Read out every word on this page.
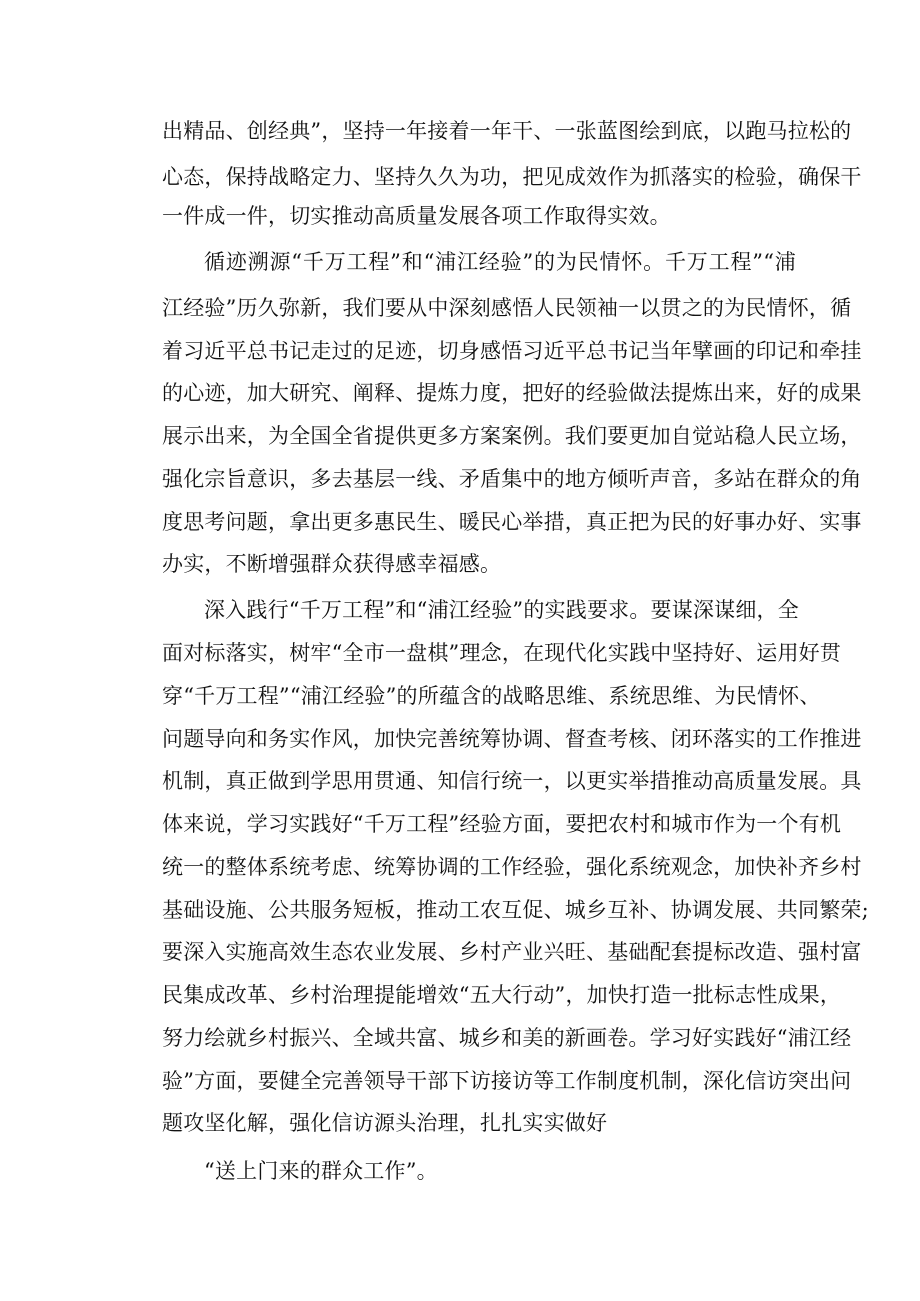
出精品、创经典”，坚持一年接着一年干、一张蓝图绘到底，以跑马拉松的
心态，保持战略定力、坚持久久为功，把见成效作为抓落实的检验，确保干
一件成一件，切实推动高质量发展各项工作取得实效。
循迹溯源“千万工程”和“浦江经验”的为民情怀。千万工程”“浦
江经验”历久弥新，我们要从中深刻感悟人民领袖一以贯之的为民情怀，循
着习近平总书记走过的足迹，切身感悟习近平总书记当年擘画的印记和牵挂
的心迹，加大研究、阐释、提炼力度，把好的经验做法提炼出来，好的成果
展示出来，为全国全省提供更多方案案例。我们要更加自觉站稳人民立场，
强化宗旨意识，多去基层一线、矛盾集中的地方倾听声音，多站在群众的角
度思考问题，拿出更多惠民生、暖民心举措，真正把为民的好事办好、实事
办实，不断增强群众获得感幸福感。
深入践行“千万工程”和“浦江经验”的实践要求。要谋深谋细，全
面对标落实，树牢“全市一盘棋”理念，在现代化实践中坚持好、运用好贯
穿“千万工程”“浦江经验”的所蕴含的战略思维、系统思维、为民情怀、
问题导向和务实作风，加快完善统筹协调、督查考核、闭环落实的工作推进
机制，真正做到学思用贯通、知信行统一，以更实举措推动高质量发展。具
体来说，学习实践好“千万工程”经验方面，要把农村和城市作为一个有机
统一的整体系统考虑、统筹协调的工作经验，强化系统观念，加快补齐乡村
基础设施、公共服务短板，推动工农互促、城乡互补、协调发展、共同繁荣;
要深入实施高效生态农业发展、乡村产业兴旺、基础配套提标改造、强村富
民集成改革、乡村治理提能增效“五大行动”，加快打造一批标志性成果，
努力绘就乡村振兴、全域共富、城乡和美的新画卷。学习好实践好“浦江经
验”方面，要健全完善领导干部下访接访等工作制度机制，深化信访突出问
题攻坚化解，强化信访源头治理，扎扎实实做好
“送上门来的群众工作”。
